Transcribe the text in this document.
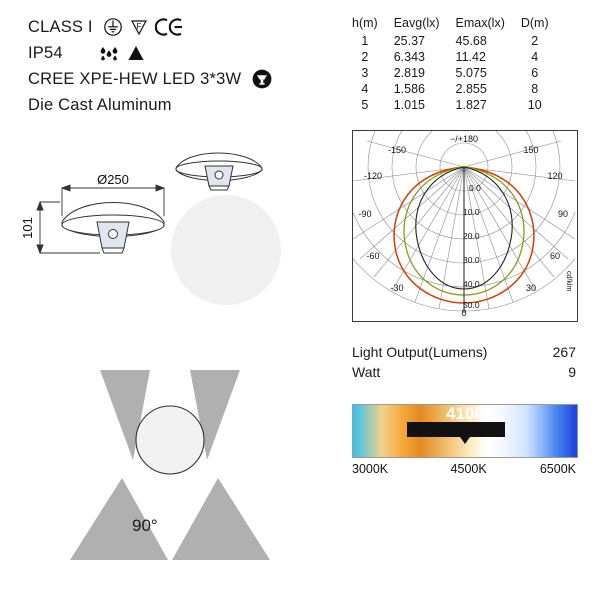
CLASS I	F
IP54
CREE XPE-HEW LED 3*3W
Die Cast Aluminum
h(m)	Eavg(lx)	Emax(lx)	D(m)
1	25.37	45.68	2
2	6.343	11.42	4
3	2.819	5.075	6
4	1.586	2.855	8
5	1.015	1.827	10
−/+180
-150	150
-120	120
-90	90
-60	60
-30	30
0
0.0
10.0
20.0
30.0
40.0
50.0
cd/klm
Light Output(Lumens)	267
Watt	9
4100
3000K	4500K	6500K
Ø250
101
90°
